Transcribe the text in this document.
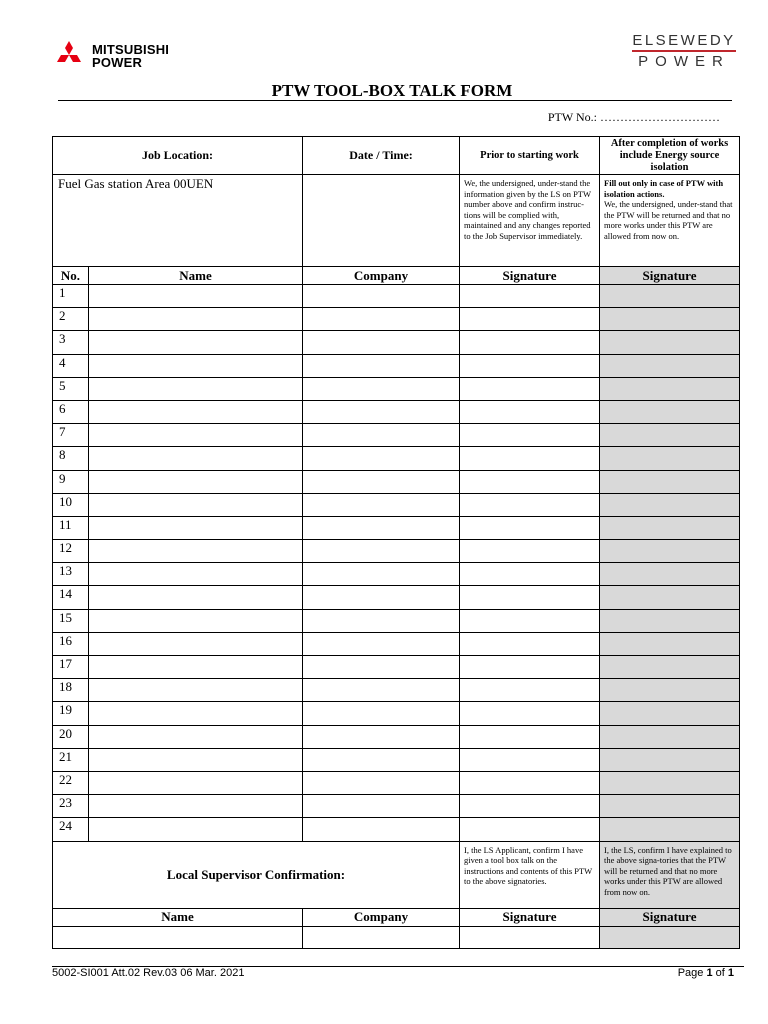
MITSUBISHI
POWER
ELSEWEDY
POWER
PTW TOOL-BOX TALK FORM
PTW No.: …………………………
Job Location:		Date / Time:	Prior to starting work	After completion of works include Energy source isolation
Fuel Gas station Area 00UEN			We, the undersigned, under-stand the information given by the LS on PTW number above and confirm instruc-tions will be complied with, maintained and any changes reported to the Job Supervisor immediately.	Fill out only in case of PTW with isolation actions.
We, the undersigned, under-stand that the PTW will be returned and that no more works under this PTW are allowed from now on.

No.	Name	Company	Signature	Signature
1				
2				
3				
4				
5				
6				
7				
8				
9				
10				
11				
12				
13				
14				
15				
16				
17				
18				
19				
20				
21				
22				
23				
24				
Local Supervisor Confirmation:			I, the LS Applicant, confirm I have given a tool box talk on the instructions and contents of this PTW to the above signatories.	I, the LS, confirm I have explained to the above signa-tories that the PTW will be returned and that no more works under this PTW are allowed from now on.
Name		Company	Signature	Signature

5002-SI001 Att.02 Rev.03 06 Mar. 2021	Page 1 of 1
